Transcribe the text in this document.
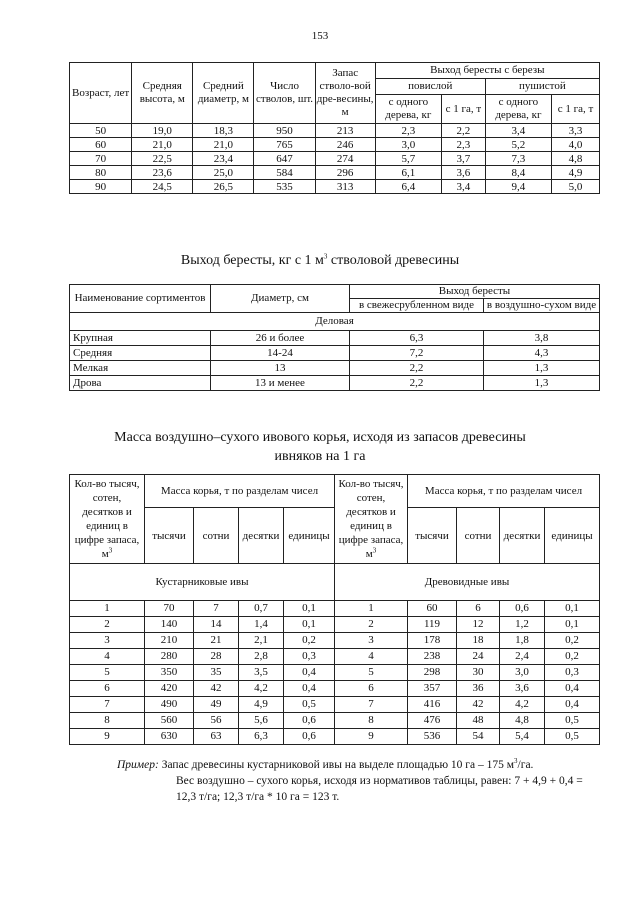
153
Возраст, лет	Средняя высота, м	Средний диаметр, м	Число стволов, шт.	Запас стволо-вой дре-весины, м	Выход бересты с березы			
					повислой		пушистой	
					с одного дерева, кг	с 1 га, т	с одного дерева, кг	с 1 га, т
50	19,0	18,3	950	213	2,3	2,2	3,4	3,3
60	21,0	21,0	765	246	3,0	2,3	5,2	4,0
70	22,5	23,4	647	274	5,7	3,7	7,3	4,8
80	23,6	25,0	584	296	6,1	3,6	8,4	4,9
90	24,5	26,5	535	313	6,4	3,4	9,4	5,0
Выход бересты, кг с 1 $м^3$ стволовой древесины
Наименование сортиментов	Диаметр, см	Выход бересты	
		в свежесрубленном виде	в воздушно-сухом виде
Деловая			
Крупная	26 и более	6,3	3,8
Средняя	14-24	7,2	4,3
Мелкая	13	2,2	1,3
Дрова	13 и менее	2,2	1,3
Масса воздушно–сухого ивового корья, исходя из запасов древесины
ивняков на 1 га
Кол-во тысяч, сотен, десятков и единиц в цифре запаса, $м^3$	Масса корья, т по разделам чисел				Кол-во тысяч, сотен, десятков и единиц в цифре запаса, $м^3$	Масса корья, т по разделам чисел			
	тысячи	сотни	десятки	единицы		тысячи	сотни	десятки	единицы
Кустарниковые ивы					Древовидные ивы				
1	70	7	0,7	0,1	1	60	6	0,6	0,1
2	140	14	1,4	0,1	2	119	12	1,2	0,1
3	210	21	2,1	0,2	3	178	18	1,8	0,2
4	280	28	2,8	0,3	4	238	24	2,4	0,2
5	350	35	3,5	0,4	5	298	30	3,0	0,3
6	420	42	4,2	0,4	6	357	36	3,6	0,4
7	490	49	4,9	0,5	7	416	42	4,2	0,4
8	560	56	5,6	0,6	8	476	48	4,8	0,5
9	630	63	6,3	0,6	9	536	54	5,4	0,5
Пример: Запас древесины кустарниковой ивы на выделе площадью 10 га – 175 $м^3/га$.
Вес воздушно – сухого корья, исходя из нормативов таблицы, равен: 7 + 4,9 + 0,4 = 12,3 т/га; 12,3 т/га * 10 га = 123 т.
